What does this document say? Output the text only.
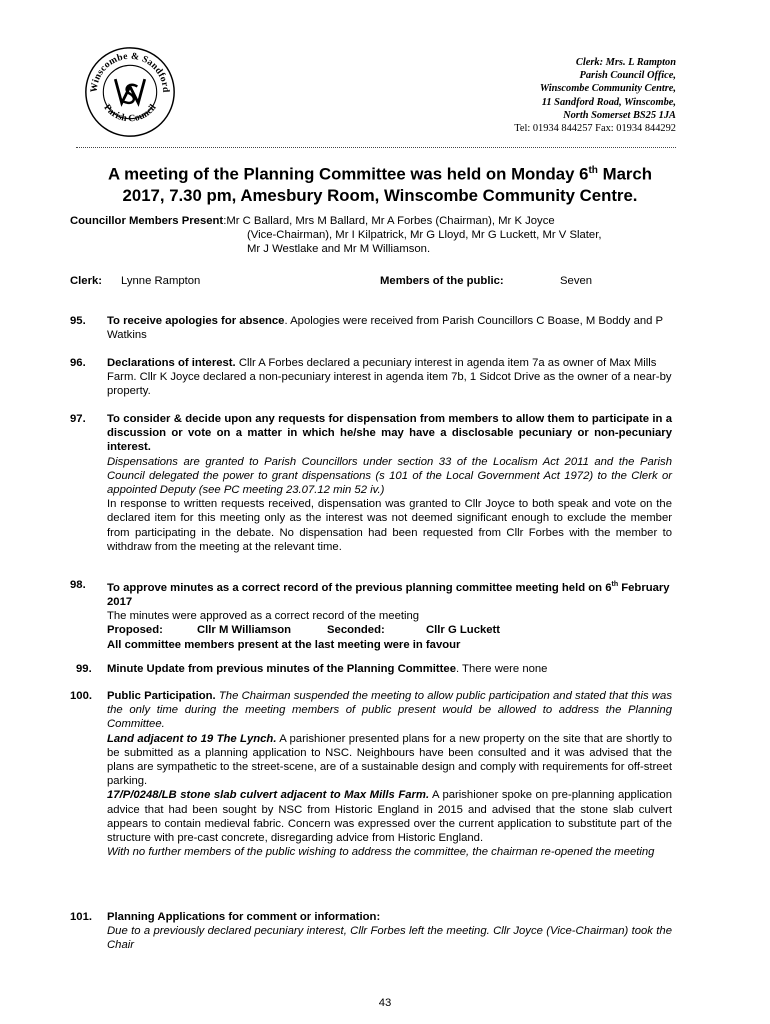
Winscombe & Sandford
Parish Council
Clerk: Mrs. L Rampton
Parish Council Office,
Winscombe Community Centre,
11 Sandford Road, Winscombe,
North Somerset BS25 1JA
Tel: 01934 844257 Fax: 01934 844292
A meeting of the Planning Committee was held on Monday 6th March
2017, 7.30 pm, Amesbury Room, Winscombe Community Centre.
Councillor Members Present : Mr C Ballard, Mrs M Ballard, Mr A Forbes (Chairman), Mr K Joyce
(Vice-Chairman), Mr I Kilpatrick, Mr G Lloyd, Mr G Luckett, Mr V Slater,
Mr J Westlake and Mr M Williamson.
Clerk: Lynne Rampton	Members of the public:	Seven
95. To receive apologies for absence. Apologies were received from Parish Councillors C Boase, M Boddy and P Watkins

96. Declarations of interest. Cllr A Forbes declared a pecuniary interest in agenda item 7a as owner of Max Mills Farm. Cllr K Joyce declared a non-pecuniary interest in agenda item 7b, 1 Sidcot Drive as the owner of a near-by property.

97. To consider & decide upon any requests for dispensation from members to allow them to participate in a discussion or vote on a matter in which he/she may have a disclosable pecuniary or non-pecuniary interest.

Dispensations are granted to Parish Councillors under section 33 of the Localism Act 2011 and the Parish Council delegated the power to grant dispensations (s 101 of the Local Government Act 1972) to the Clerk or appointed Deputy (see PC meeting 23.07.12 min 52 iv.)

In response to written requests received, dispensation was granted to Cllr Joyce to both speak and vote on the declared item for this meeting only as the interest was not deemed significant enough to exclude the member from participating in the debate. No dispensation had been requested from Cllr Forbes with the member to withdraw from the meeting at the relevant time.

98. To approve minutes as a correct record of the previous planning committee meeting held on 6th February 2017

The minutes were approved as a correct record of the meeting

Proposed:	Cllr M Williamson	Seconded:	Cllr G Luckett

All committee members present at the last meeting were in favour

99. Minute Update from previous minutes of the Planning Committee. There were none

100. Public Participation. The Chairman suspended the meeting to allow public participation and stated that this was the only time during the meeting members of public present would be allowed to address the Planning Committee.

Land adjacent to 19 The Lynch. A parishioner presented plans for a new property on the site that are shortly to be submitted as a planning application to NSC. Neighbours have been consulted and it was advised that the plans are sympathetic to the street-scene, are of a sustainable design and comply with requirements for off-street parking.

17/P/0248/LB stone slab culvert adjacent to Max Mills Farm. A parishioner spoke on pre-planning application advice that had been sought by NSC from Historic England in 2015 and advised that the stone slab culvert appears to contain medieval fabric. Concern was expressed over the current application to substitute part of the structure with pre-cast concrete, disregarding advice from Historic England.

With no further members of the public wishing to address the committee, the chairman re-opened the meeting

101. Planning Applications for comment or information:

Due to a previously declared pecuniary interest, Cllr Forbes left the meeting. Cllr Joyce (Vice-Chairman) took the Chair

43
